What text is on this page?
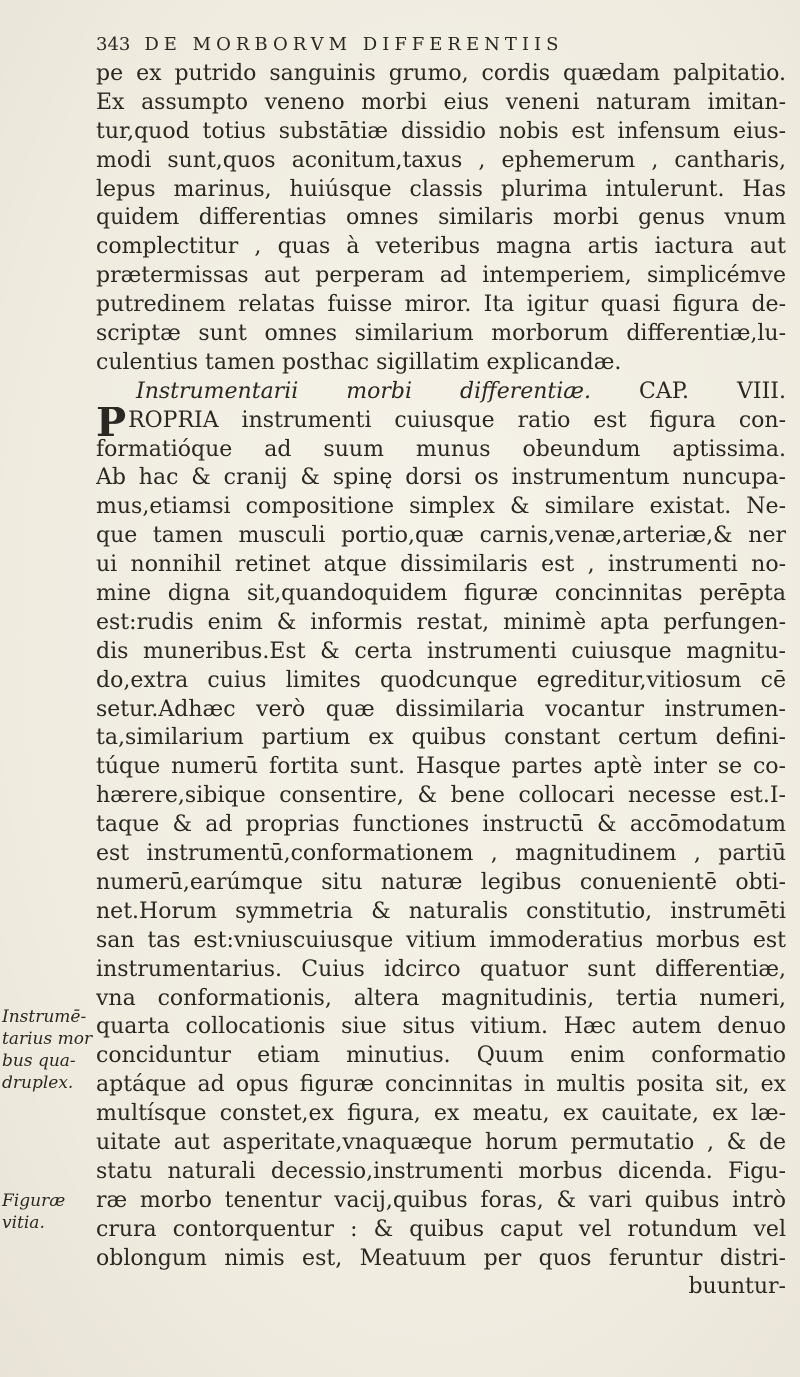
343 DE MORBORVM DIFFERENTIIS
pe ex putrido sanguinis grumo, cordis quædam palpitatio.
Ex assumpto veneno morbi eius veneni naturam imitan-
tur,quod totius substātiæ dissidio nobis est infensum eius-
modi sunt,quos aconitum,taxus , ephemerum , cantharis,
lepus marinus, huiúsque classis plurima intulerunt. Has
quidem differentias omnes similaris morbi genus vnum
complectitur , quas à veteribus magna artis iactura aut
prætermissas aut perperam ad intemperiem, simplicémve
putredinem relatas fuisse miror. Ita igitur quasi figura de-
scriptæ sunt omnes similarium morborum differentiæ,lu-
culentius tamen posthac sigillatim explicandæ.
Instrumentarii morbi differentiæ. CAP. VIII.
PROPRIA instrumenti cuiusque ratio est figura con-
formatióque ad suum munus obeundum aptissima.
Ab hac & cranij & spinę dorsi os instrumentum nuncupa-
mus,etiamsi compositione simplex & similare existat. Ne-
que tamen musculi portio,quæ carnis,venæ,arteriæ,& ner
ui nonnihil retinet atque dissimilaris est , instrumenti no-
mine digna sit,quandoquidem figuræ concinnitas perēpta
est:rudis enim & informis restat, minimè apta perfungen-
dis muneribus.Est & certa instrumenti cuiusque magnitu-
do,extra cuius limites quodcunque egreditur,vitiosum cē
setur.Adhæc verò quæ dissimilaria vocantur instrumen-
ta,similarium partium ex quibus constant certum defini-
túque numerū fortita sunt. Hasque partes aptè inter se co-
hærere,sibique consentire, & bene collocari necesse est.I-
taque & ad proprias functiones instructū & accōmodatum
est instrumentū,conformationem , magnitudinem , partiū
numerū,earúmque situ naturæ legibus conuenientē obti-
net.Horum symmetria & naturalis constitutio, instrumēti
san tas est:vniuscuiusque vitium immoderatius morbus est
instrumentarius. Cuius idcirco quatuor sunt differentiæ,
vna conformationis, altera magnitudinis, tertia numeri,
quarta collocationis siue situs vitium. Hæc autem denuo
conciduntur etiam minutius. Quum enim conformatio
aptáque ad opus figuræ concinnitas in multis posita sit, ex
multísque constet,ex figura, ex meatu, ex cauitate, ex læ-
uitate aut asperitate,vnaquæque horum permutatio , & de
statu naturali decessio,instrumenti morbus dicenda. Figu-
ræ morbo tenentur vacij,quibus foras, & vari quibus intrò
crura contorquentur : & quibus caput vel rotundum vel
oblongum nimis est, Meatuum per quos feruntur distri-
buuntur-
Instrumē-tarius mor bus qua-druplex.
Figuræ vitia.
